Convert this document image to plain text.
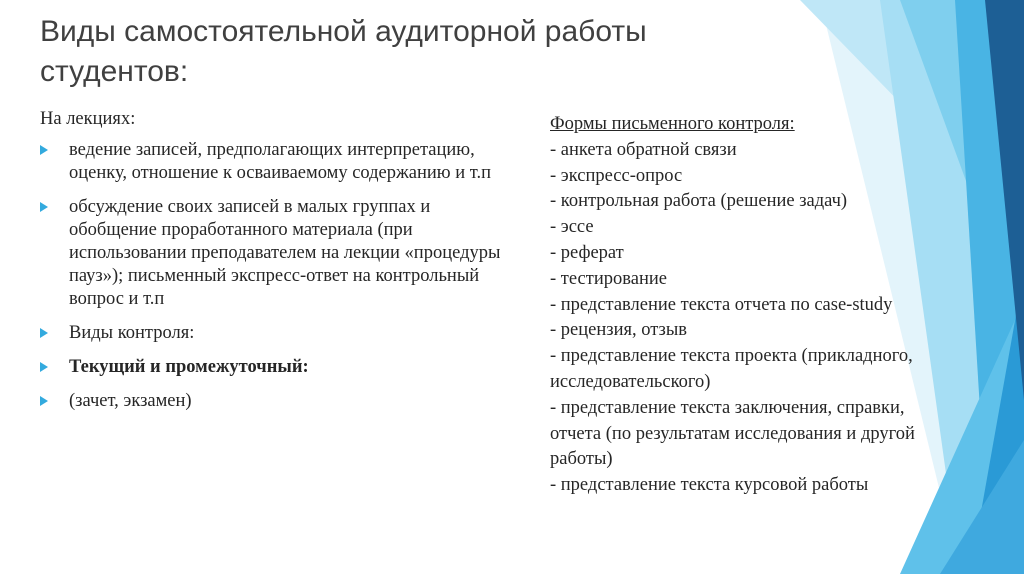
Виды самостоятельной аудиторной работы студентов:

На лекциях:

ведение записей, предполагающих интерпретацию, оценку, отношение к осваиваемому содержанию и т.п
обсуждение своих записей в малых группах и обобщение проработанного материала (при использовании преподавателем на лекции «процедуры пауз»); письменный экспресс-ответ на контрольный вопрос и т.п
Виды контроля:
Текущий и промежуточный:
(зачет, экзамен)

Формы письменного контроля:

- анкета обратной связи
- экспресс-опрос
- контрольная работа (решение задач)
- эссе
- реферат
- тестирование
- представление текста отчета по case-study
- рецензия, отзыв
- представление текста проекта (прикладного, исследовательского)
- представление текста заключения, справки, отчета (по результатам исследования и другой работы)
- представление текста курсовой работы
